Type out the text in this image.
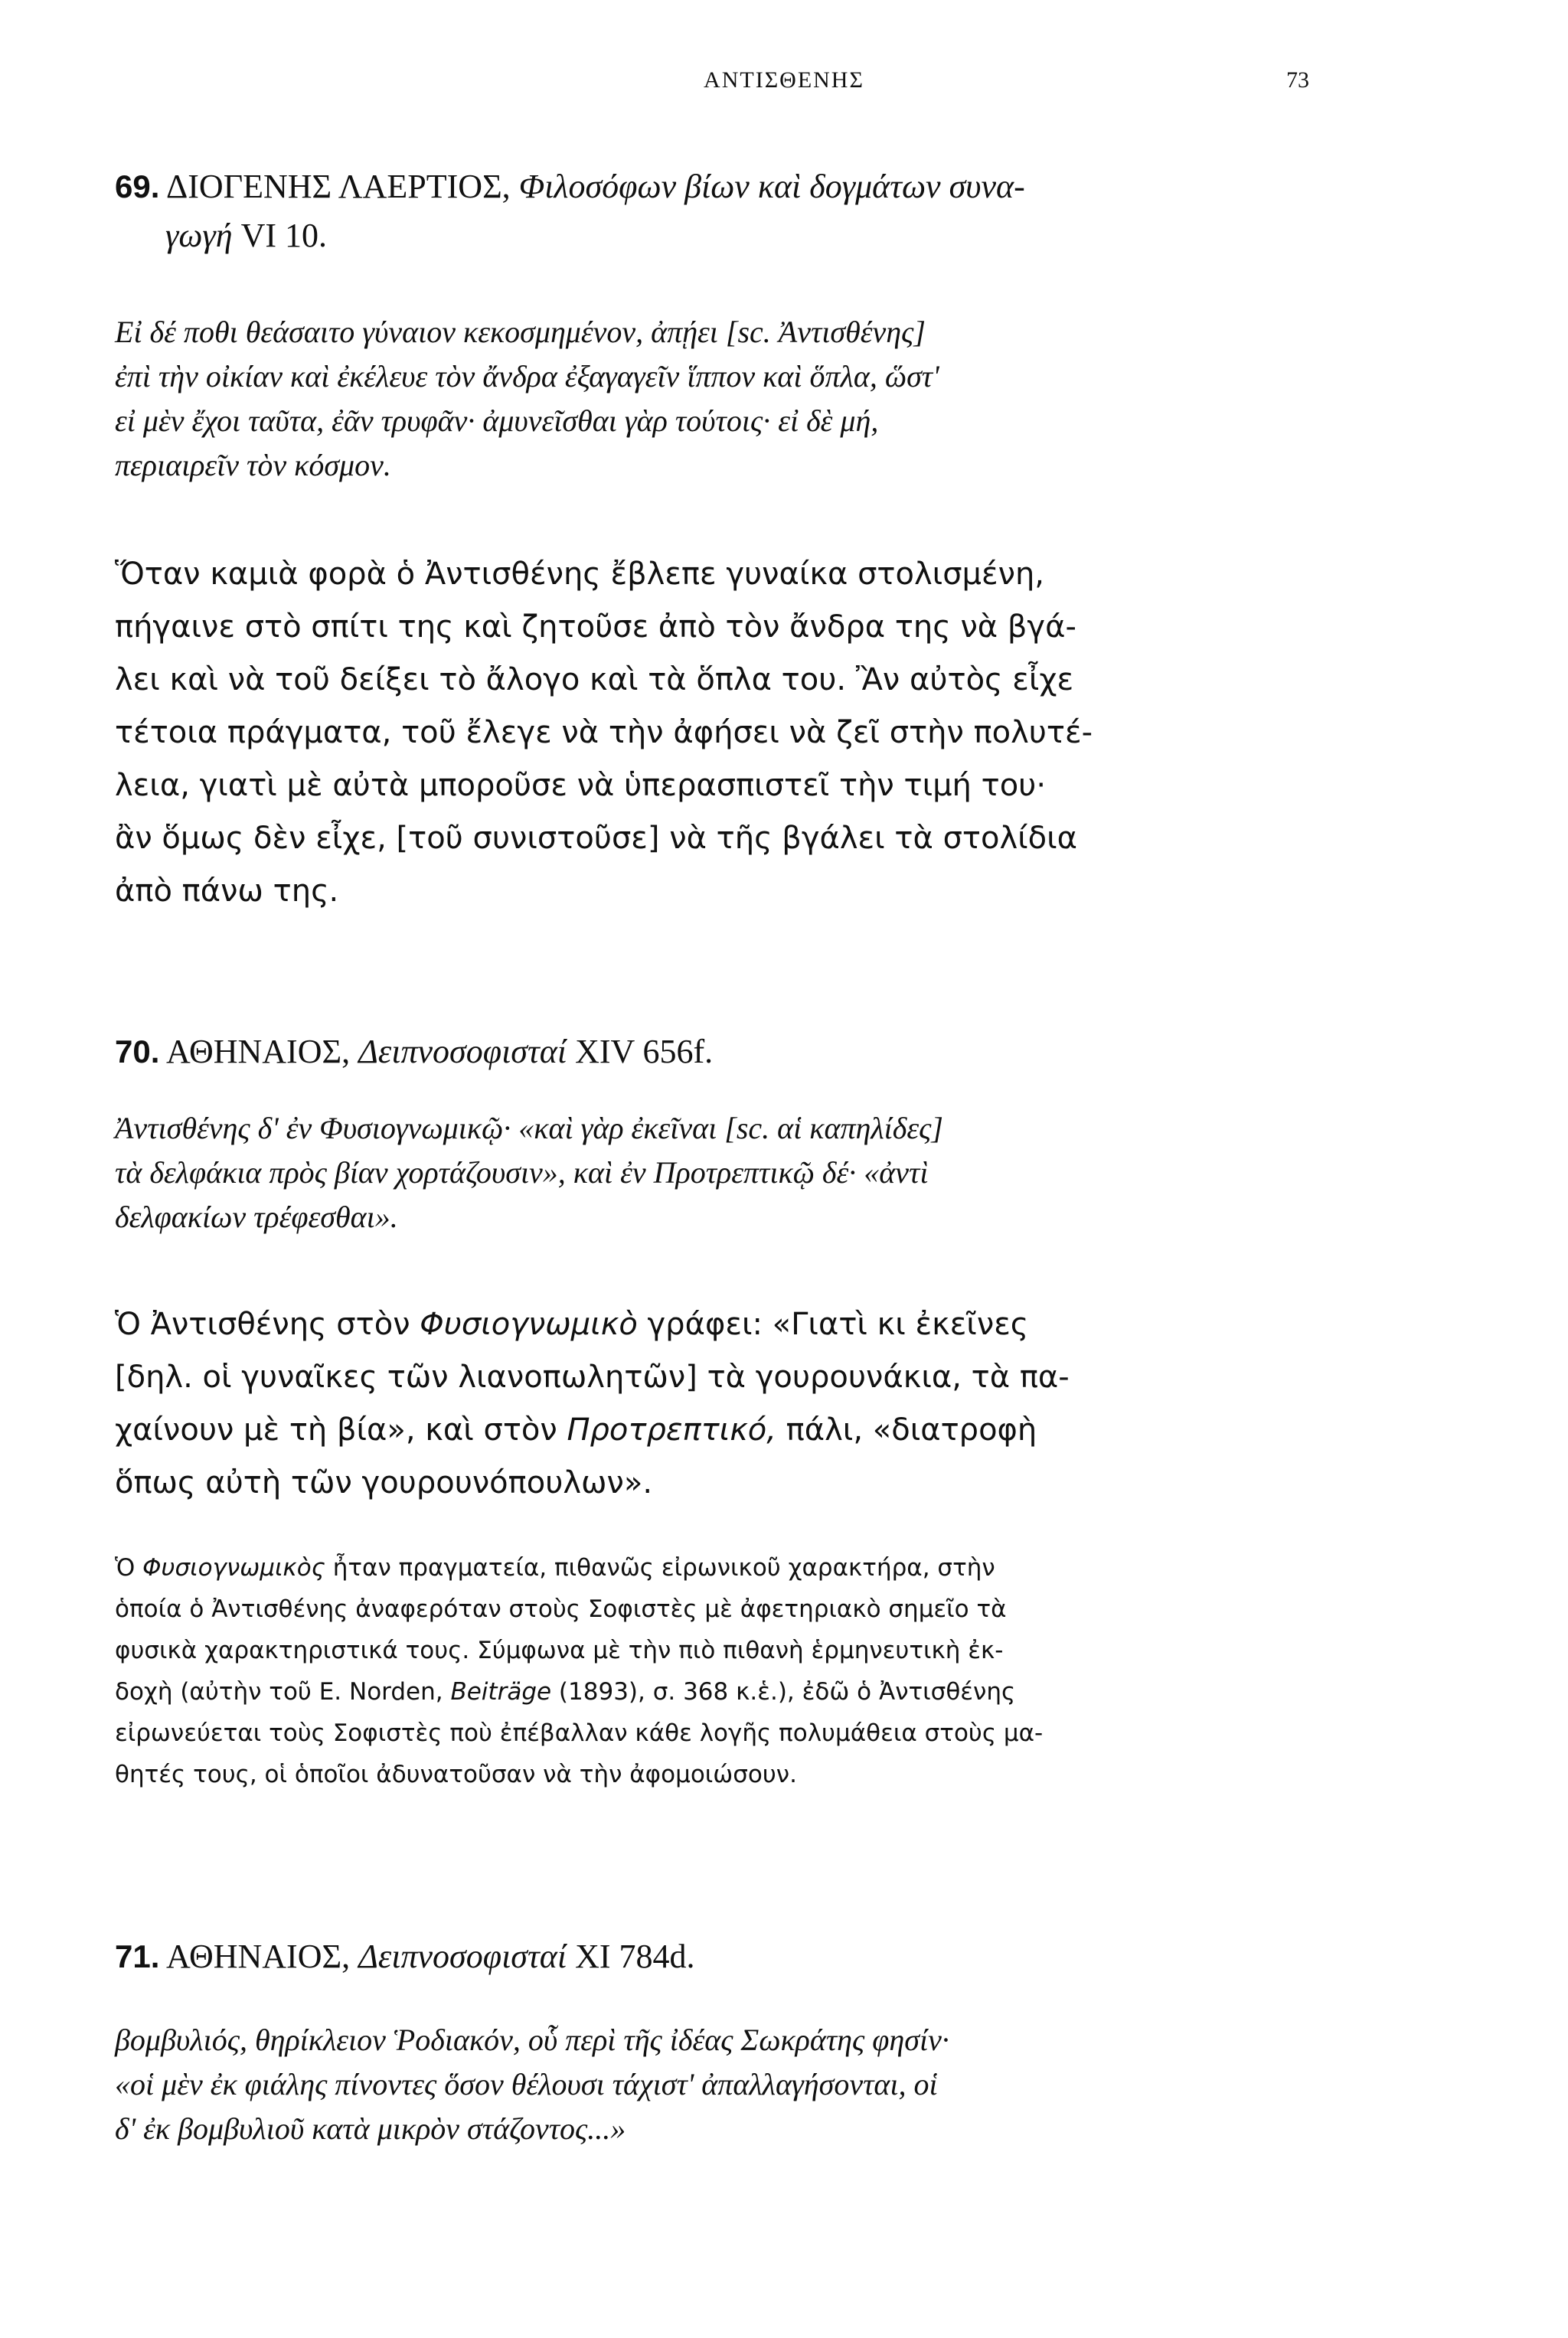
ΑΝΤΙΣΘΕΝΗΣ	73
69. ΔΙΟΓΕΝΗΣ ΛΑΕΡΤΙΟΣ, Φιλοσόφων βίων καὶ δογμάτων συνα-
γωγή VI 10.
Εἰ δέ ποθι θεάσαιτο γύναιον κεκοσμημένον, ἀπῄει [sc. Ἀντισθένης]
ἐπὶ τὴν οἰκίαν καὶ ἐκέλευε τὸν ἄνδρα ἐξαγαγεῖν ἵππον καὶ ὅπλα, ὥστ'
εἰ μὲν ἔχοι ταῦτα, ἐᾶν τρυφᾶν· ἀμυνεῖσθαι γὰρ τούτοις· εἰ δὲ μή,
περιαιρεῖν τὸν κόσμον.
Ὅταν καμιὰ φορὰ ὁ Ἀντισθένης ἔβλεπε γυναίκα στολισμένη,
πήγαινε στὸ σπίτι της καὶ ζητοῦσε ἀπὸ τὸν ἄνδρα της νὰ βγά-
λει καὶ νὰ τοῦ δείξει τὸ ἄλογο καὶ τὰ ὅπλα του. Ἂν αὐτὸς εἶχε
τέτοια πράγματα, τοῦ ἔλεγε νὰ τὴν ἀφήσει νὰ ζεῖ στὴν πολυτέ-
λεια, γιατὶ μὲ αὐτὰ μποροῦσε νὰ ὑπερασπιστεῖ τὴν τιμή του·
ἂν ὅμως δὲν εἶχε, [τοῦ συνιστοῦσε] νὰ τῆς βγάλει τὰ στολίδια
ἀπὸ πάνω της.
70. ΑΘΗΝΑΙΟΣ, Δειπνοσοφισταί XIV 656f.
Ἀντισθένης δ' ἐν Φυσιογνωμικῷ· «καὶ γὰρ ἐκεῖναι [sc. αἱ καπηλίδες]
τὰ δελφάκια πρὸς βίαν χορτάζουσιν», καὶ ἐν Προτρεπτικῷ δέ· «ἀντὶ
δελφακίων τρέφεσθαι».
Ὁ Ἀντισθένης στὸν Φυσιογνωμικὸ γράφει: «Γιατὶ κι ἐκεῖνες
[δηλ. οἱ γυναῖκες τῶν λιανοπωλητῶν] τὰ γουρουνάκια, τὰ πα-
χαίνουν μὲ τὴ βία», καὶ στὸν Προτρεπτικό, πάλι, «διατροφὴ
ὅπως αὐτὴ τῶν γουρουνόπουλων».
Ὁ Φυσιογνωμικὸς ἦταν πραγματεία, πιθανῶς εἰρωνικοῦ χαρακτήρα, στὴν
ὁποία ὁ Ἀντισθένης ἀναφερόταν στοὺς Σοφιστὲς μὲ ἀφετηριακὸ σημεῖο τὰ
φυσικὰ χαρακτηριστικά τους. Σύμφωνα μὲ τὴν πιὸ πιθανὴ ἑρμηνευτικὴ ἐκ-
δοχὴ (αὐτὴν τοῦ E. Norden, Beiträge (1893), σ. 368 κ.ἑ.), ἐδῶ ὁ Ἀντισθένης
εἰρωνεύεται τοὺς Σοφιστὲς ποὺ ἐπέβαλλαν κάθε λογῆς πολυμάθεια στοὺς μα-
θητές τους, οἱ ὁποῖοι ἀδυνατοῦσαν νὰ τὴν ἀφομοιώσουν.
71. ΑΘΗΝΑΙΟΣ, Δειπνοσοφισταί XI 784d.
βομβυλιός, θηρίκλειον Ῥοδιακόν, οὗ περὶ τῆς ἰδέας Σωκράτης φησίν·
«οἱ μὲν ἐκ φιάλης πίνοντες ὅσον θέλουσι τάχιστ' ἀπαλλαγήσονται, οἱ
δ' ἐκ βομβυλιοῦ κατὰ μικρὸν στάζοντος...»
